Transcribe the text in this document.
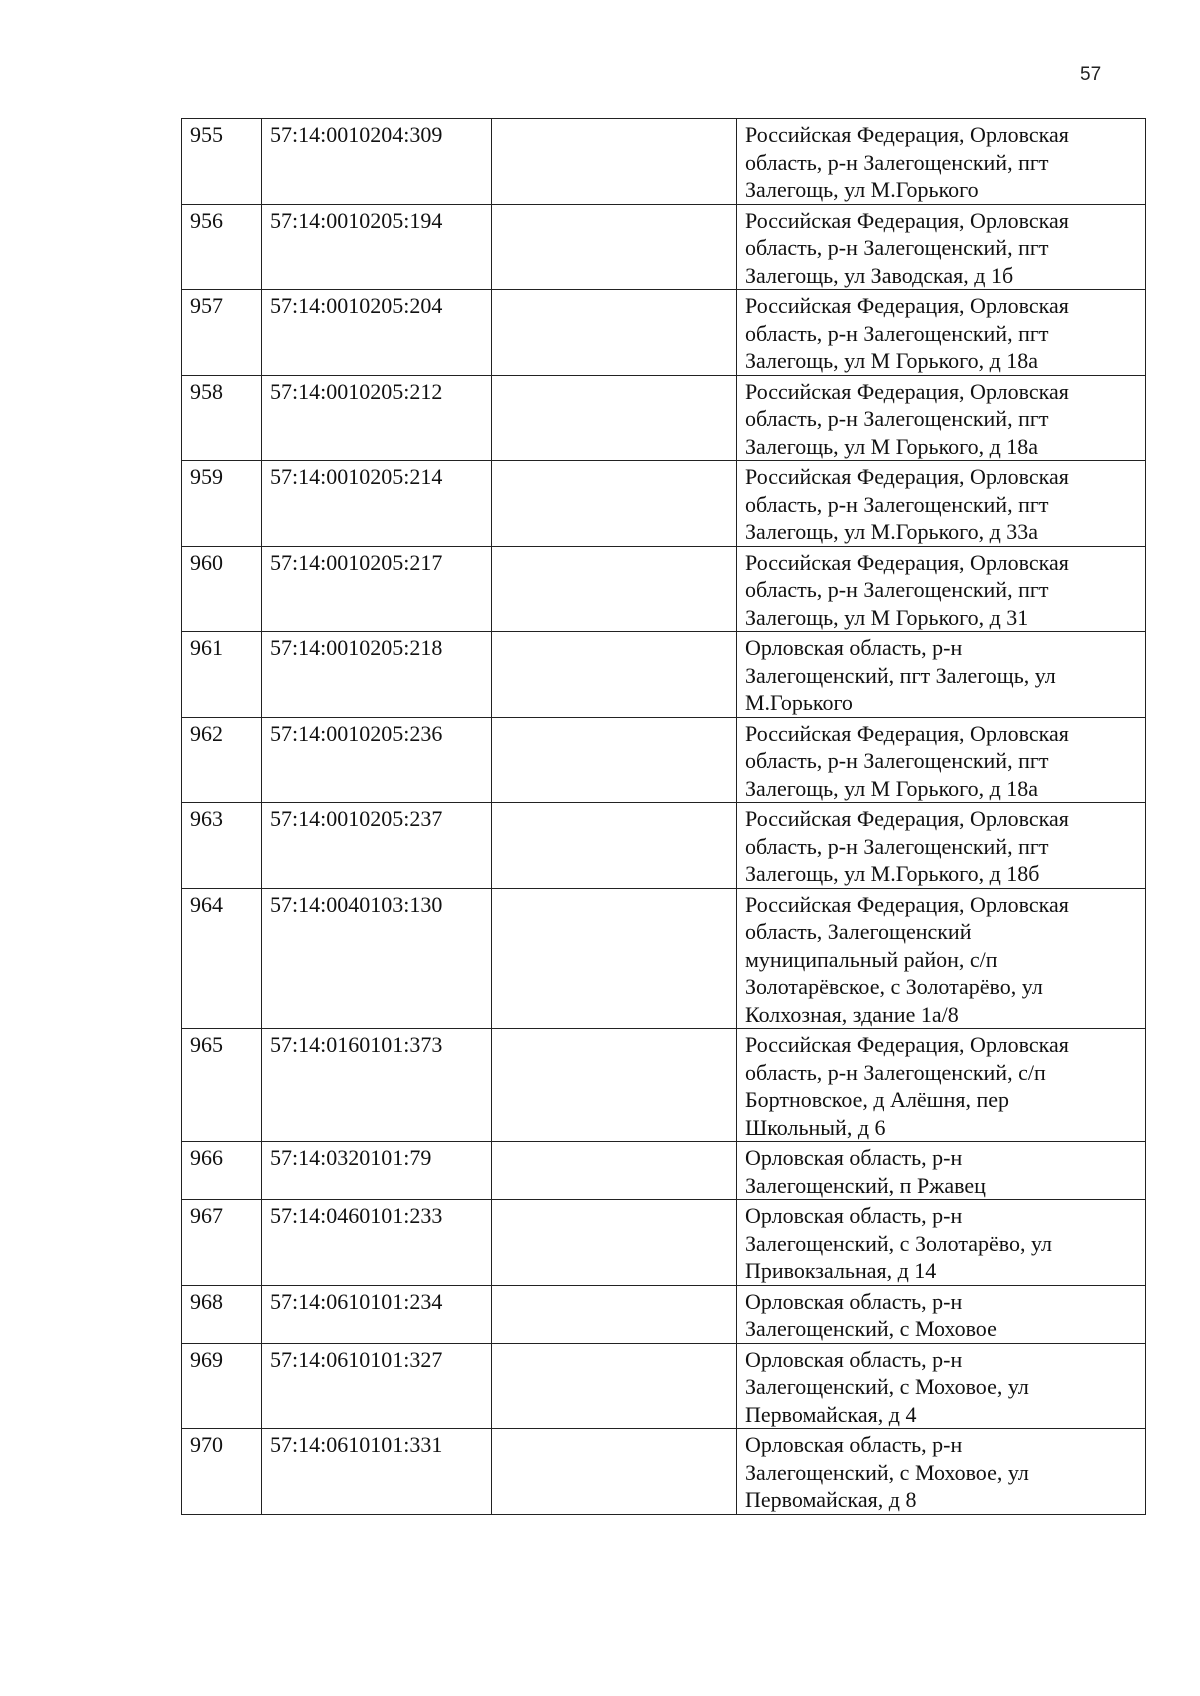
57
955	57:14:0010204:309		Российская Федерация, Орловская
область, р-н Залегощенский, пгт
Залегощь, ул М.Горького

956	57:14:0010205:194		Российская Федерация, Орловская
область, р-н Залегощенский, пгт
Залегощь, ул Заводская, д 1б

957	57:14:0010205:204		Российская Федерация, Орловская
область, р-н Залегощенский, пгт
Залегощь, ул М Горького, д 18а

958	57:14:0010205:212		Российская Федерация, Орловская
область, р-н Залегощенский, пгт
Залегощь, ул М Горького, д 18а

959	57:14:0010205:214		Российская Федерация, Орловская
область, р-н Залегощенский, пгт
Залегощь, ул М.Горького, д 33а

960	57:14:0010205:217		Российская Федерация, Орловская
область, р-н Залегощенский, пгт
Залегощь, ул М Горького, д 31

961	57:14:0010205:218		Орловская область, р-н
Залегощенский, пгт Залегощь, ул
М.Горького

962	57:14:0010205:236		Российская Федерация, Орловская
область, р-н Залегощенский, пгт
Залегощь, ул М Горького, д 18а

963	57:14:0010205:237		Российская Федерация, Орловская
область, р-н Залегощенский, пгт
Залегощь, ул М.Горького, д 18б

964	57:14:0040103:130		Российская Федерация, Орловская
область, Залегощенский
муниципальный район, с/п
Золотарёвское, с Золотарёво, ул
Колхозная, здание 1а/8

965	57:14:0160101:373		Российская Федерация, Орловская
область, р-н Залегощенский, с/п
Бортновское, д Алёшня, пер
Школьный, д 6

966	57:14:0320101:79		Орловская область, р-н
Залегощенский, п Ржавец

967	57:14:0460101:233		Орловская область, р-н
Залегощенский, с Золотарёво, ул
Привокзальная, д 14

968	57:14:0610101:234		Орловская область, р-н
Залегощенский, с Моховое

969	57:14:0610101:327		Орловская область, р-н
Залегощенский, с Моховое, ул
Первомайская, д 4

970	57:14:0610101:331		Орловская область, р-н
Залегощенский, с Моховое, ул
Первомайская, д 8
